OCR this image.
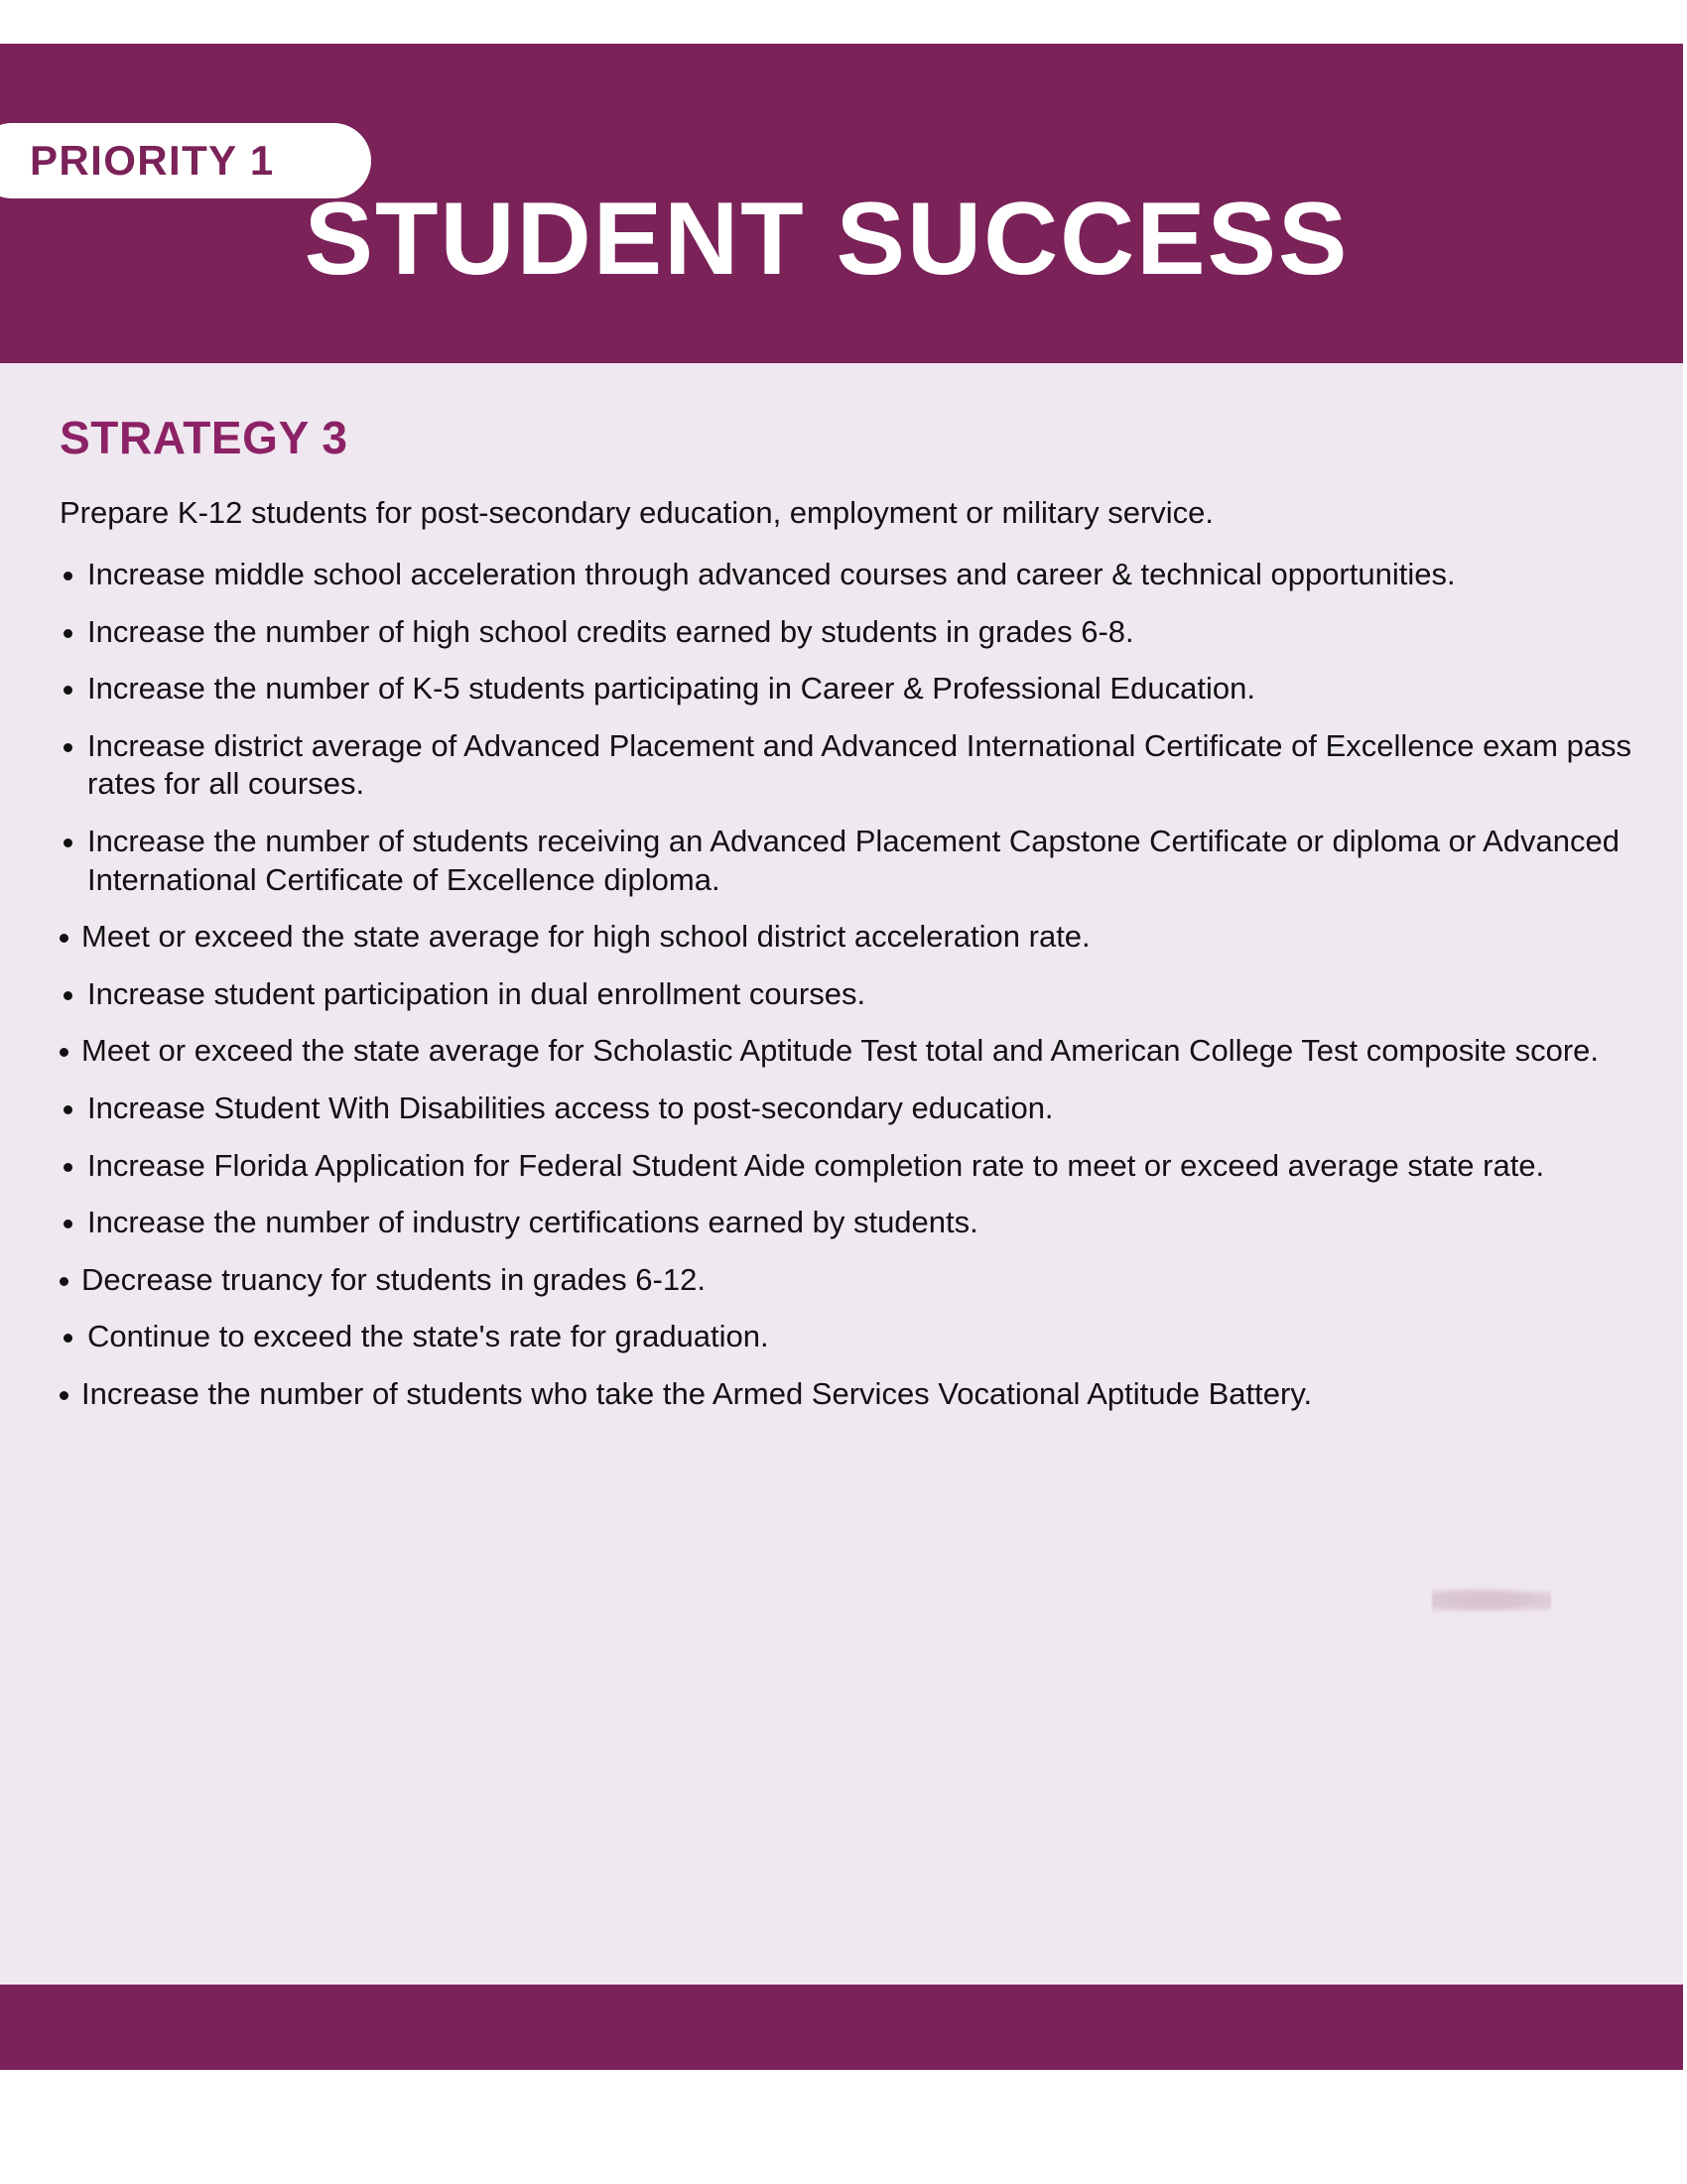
PRIORITY 1
STUDENT SUCCESS
STRATEGY 3
Prepare K-12 students for post-secondary education, employment or military service.
Increase middle school acceleration through advanced courses and career & technical opportunities.
Increase the number of high school credits earned by students in grades 6-8.
Increase the number of K-5 students participating in Career & Professional Education.
Increase district average of Advanced Placement and Advanced International Certificate of Excellence exam pass rates for all courses.
Increase the number of students receiving an Advanced Placement Capstone Certificate or diploma or Advanced International Certificate of Excellence diploma.
Meet or exceed the state average for high school district acceleration rate.
Increase student participation in dual enrollment courses.
Meet or exceed the state average for Scholastic Aptitude Test total and American College Test composite score.
Increase Student With Disabilities access to post-secondary education.
Increase Florida Application for Federal Student Aide completion rate to meet or exceed average state rate.
Increase the number of industry certifications earned by students.
Decrease truancy for students in grades 6-12.
Continue to exceed the state's rate for graduation.
Increase the number of students who take the Armed Services Vocational Aptitude Battery.
